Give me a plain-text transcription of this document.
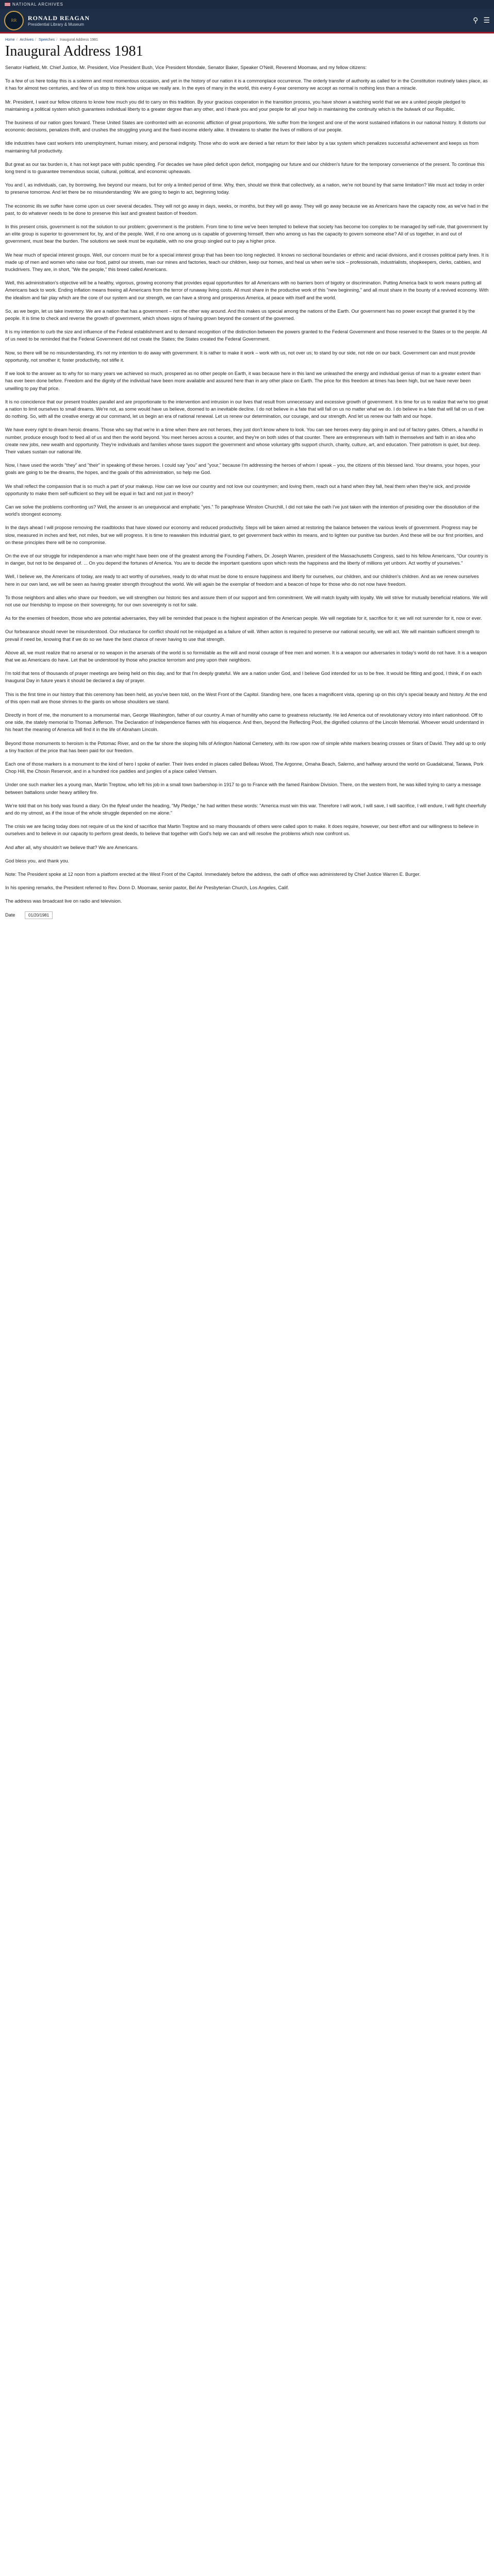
NATIONAL ARCHIVES
RR	RONALD REAGAN
Presidential Library & Museum	⚲ ☰
Home / Archives / Speeches / Inaugural Address 1981
Inaugural Address 1981

Senator Hatfield, Mr. Chief Justice, Mr. President, Vice President Bush, Vice President Mondale, Senator Baker, Speaker O'Neill, Reverend Moomaw, and my fellow citizens:

To a few of us here today this is a solemn and most momentous occasion, and yet in the history of our nation it is a commonplace occurrence. The orderly transfer of authority as called for in the Constitution routinely takes place, as it has for almost two centuries, and few of us stop to think how unique we really are. In the eyes of many in the world, this every 4-year ceremony we accept as normal is nothing less than a miracle.

Mr. President, I want our fellow citizens to know how much you did to carry on this tradition. By your gracious cooperation in the transition process, you have shown a watching world that we are a united people pledged to maintaining a political system which guarantees individual liberty to a greater degree than any other, and I thank you and your people for all your help in maintaining the continuity which is the bulwark of our Republic.

The business of our nation goes forward. These United States are confronted with an economic affliction of great proportions. We suffer from the longest and one of the worst sustained inflations in our national history. It distorts our economic decisions, penalizes thrift, and crushes the struggling young and the fixed-income elderly alike. It threatens to shatter the lives of millions of our people.

Idle industries have cast workers into unemployment, human misery, and personal indignity. Those who do work are denied a fair return for their labor by a tax system which penalizes successful achievement and keeps us from maintaining full productivity.

But great as our tax burden is, it has not kept pace with public spending. For decades we have piled deficit upon deficit, mortgaging our future and our children's future for the temporary convenience of the present. To continue this long trend is to guarantee tremendous social, cultural, political, and economic upheavals.

You and I, as individuals, can, by borrowing, live beyond our means, but for only a limited period of time. Why, then, should we think that collectively, as a nation, we're not bound by that same limitation? We must act today in order to preserve tomorrow. And let there be no misunderstanding: We are going to begin to act, beginning today.

The economic ills we suffer have come upon us over several decades. They will not go away in days, weeks, or months, but they will go away. They will go away because we as Americans have the capacity now, as we've had in the past, to do whatever needs to be done to preserve this last and greatest bastion of freedom.

In this present crisis, government is not the solution to our problem; government is the problem. From time to time we've been tempted to believe that society has become too complex to be managed by self-rule, that government by an elite group is superior to government for, by, and of the people. Well, if no one among us is capable of governing himself, then who among us has the capacity to govern someone else? All of us together, in and out of government, must bear the burden. The solutions we seek must be equitable, with no one group singled out to pay a higher price.

We hear much of special interest groups. Well, our concern must be for a special interest group that has been too long neglected. It knows no sectional boundaries or ethnic and racial divisions, and it crosses political party lines. It is made up of men and women who raise our food, patrol our streets, man our mines and factories, teach our children, keep our homes, and heal us when we're sick – professionals, industrialists, shopkeepers, clerks, cabbies, and truckdrivers. They are, in short, "We the people," this breed called Americans.

Well, this administration's objective will be a healthy, vigorous, growing economy that provides equal opportunities for all Americans with no barriers born of bigotry or discrimination. Putting America back to work means putting all Americans back to work. Ending inflation means freeing all Americans from the terror of runaway living costs. All must share in the productive work of this "new beginning," and all must share in the bounty of a revived economy. With the idealism and fair play which are the core of our system and our strength, we can have a strong and prosperous America, at peace with itself and the world.

So, as we begin, let us take inventory. We are a nation that has a government – not the other way around. And this makes us special among the nations of the Earth. Our government has no power except that granted it by the people. It is time to check and reverse the growth of government, which shows signs of having grown beyond the consent of the governed.

It is my intention to curb the size and influence of the Federal establishment and to demand recognition of the distinction between the powers granted to the Federal Government and those reserved to the States or to the people. All of us need to be reminded that the Federal Government did not create the States; the States created the Federal Government.

Now, so there will be no misunderstanding, it's not my intention to do away with government. It is rather to make it work – work with us, not over us; to stand by our side, not ride on our back. Government can and must provide opportunity, not smother it; foster productivity, not stifle it.

If we look to the answer as to why for so many years we achieved so much, prospered as no other people on Earth, it was because here in this land we unleashed the energy and individual genius of man to a greater extent than has ever been done before. Freedom and the dignity of the individual have been more available and assured here than in any other place on Earth. The price for this freedom at times has been high, but we have never been unwilling to pay that price.

It is no coincidence that our present troubles parallel and are proportionate to the intervention and intrusion in our lives that result from unnecessary and excessive growth of government. It is time for us to realize that we're too great a nation to limit ourselves to small dreams. We're not, as some would have us believe, doomed to an inevitable decline. I do not believe in a fate that will fall on us no matter what we do. I do believe in a fate that will fall on us if we do nothing. So, with all the creative energy at our command, let us begin an era of national renewal. Let us renew our determination, our courage, and our strength. And let us renew our faith and our hope.

We have every right to dream heroic dreams. Those who say that we're in a time when there are not heroes, they just don't know where to look. You can see heroes every day going in and out of factory gates. Others, a handful in number, produce enough food to feed all of us and then the world beyond. You meet heroes across a counter, and they're on both sides of that counter. There are entrepreneurs with faith in themselves and faith in an idea who create new jobs, new wealth and opportunity. They're individuals and families whose taxes support the government and whose voluntary gifts support church, charity, culture, art, and education. Their patriotism is quiet, but deep. Their values sustain our national life.

Now, I have used the words "they" and "their" in speaking of these heroes. I could say "you" and "your," because I'm addressing the heroes of whom I speak – you, the citizens of this blessed land. Your dreams, your hopes, your goals are going to be the dreams, the hopes, and the goals of this administration, so help me God.

We shall reflect the compassion that is so much a part of your makeup. How can we love our country and not love our countrymen; and loving them, reach out a hand when they fall, heal them when they're sick, and provide opportunity to make them self-sufficient so they will be equal in fact and not just in theory?

Can we solve the problems confronting us? Well, the answer is an unequivocal and emphatic "yes." To paraphrase Winston Churchill, I did not take the oath I've just taken with the intention of presiding over the dissolution of the world's strongest economy.

In the days ahead I will propose removing the roadblocks that have slowed our economy and reduced productivity. Steps will be taken aimed at restoring the balance between the various levels of government. Progress may be slow, measured in inches and feet, not miles, but we will progress. It is time to reawaken this industrial giant, to get government back within its means, and to lighten our punitive tax burden. And these will be our first priorities, and on these principles there will be no compromise.

On the eve of our struggle for independence a man who might have been one of the greatest among the Founding Fathers, Dr. Joseph Warren, president of the Massachusetts Congress, said to his fellow Americans, "Our country is in danger, but not to be despaired of. ... On you depend the fortunes of America. You are to decide the important questions upon which rests the happiness and the liberty of millions yet unborn. Act worthy of yourselves."

Well, I believe we, the Americans of today, are ready to act worthy of ourselves, ready to do what must be done to ensure happiness and liberty for ourselves, our children, and our children's children. And as we renew ourselves here in our own land, we will be seen as having greater strength throughout the world. We will again be the exemplar of freedom and a beacon of hope for those who do not now have freedom.

To those neighbors and allies who share our freedom, we will strengthen our historic ties and assure them of our support and firm commitment. We will match loyalty with loyalty. We will strive for mutually beneficial relations. We will not use our friendship to impose on their sovereignty, for our own sovereignty is not for sale.

As for the enemies of freedom, those who are potential adversaries, they will be reminded that peace is the highest aspiration of the American people. We will negotiate for it, sacrifice for it; we will not surrender for it, now or ever.

Our forbearance should never be misunderstood. Our reluctance for conflict should not be misjudged as a failure of will. When action is required to preserve our national security, we will act. We will maintain sufficient strength to prevail if need be, knowing that if we do so we have the best chance of never having to use that strength.

Above all, we must realize that no arsenal or no weapon in the arsenals of the world is so formidable as the will and moral courage of free men and women. It is a weapon our adversaries in today's world do not have. It is a weapon that we as Americans do have. Let that be understood by those who practice terrorism and prey upon their neighbors.

I'm told that tens of thousands of prayer meetings are being held on this day, and for that I'm deeply grateful. We are a nation under God, and I believe God intended for us to be free. It would be fitting and good, I think, if on each Inaugural Day in future years it should be declared a day of prayer.

This is the first time in our history that this ceremony has been held, as you've been told, on the West Front of the Capitol. Standing here, one faces a magnificent vista, opening up on this city's special beauty and history. At the end of this open mall are those shrines to the giants on whose shoulders we stand.

Directly in front of me, the monument to a monumental man, George Washington, father of our country. A man of humility who came to greatness reluctantly. He led America out of revolutionary victory into infant nationhood. Off to one side, the stately memorial to Thomas Jefferson. The Declaration of Independence flames with his eloquence. And then, beyond the Reflecting Pool, the dignified columns of the Lincoln Memorial. Whoever would understand in his heart the meaning of America will find it in the life of Abraham Lincoln.

Beyond those monuments to heroism is the Potomac River, and on the far shore the sloping hills of Arlington National Cemetery, with its row upon row of simple white markers bearing crosses or Stars of David. They add up to only a tiny fraction of the price that has been paid for our freedom.

Each one of those markers is a monument to the kind of hero I spoke of earlier. Their lives ended in places called Belleau Wood, The Argonne, Omaha Beach, Salerno, and halfway around the world on Guadalcanal, Tarawa, Pork Chop Hill, the Chosin Reservoir, and in a hundred rice paddies and jungles of a place called Vietnam.

Under one such marker lies a young man, Martin Treptow, who left his job in a small town barbershop in 1917 to go to France with the famed Rainbow Division. There, on the western front, he was killed trying to carry a message between battalions under heavy artillery fire.

We're told that on his body was found a diary. On the flyleaf under the heading, "My Pledge," he had written these words: "America must win this war. Therefore I will work, I will save, I will sacrifice, I will endure, I will fight cheerfully and do my utmost, as if the issue of the whole struggle depended on me alone."

The crisis we are facing today does not require of us the kind of sacrifice that Martin Treptow and so many thousands of others were called upon to make. It does require, however, our best effort and our willingness to believe in ourselves and to believe in our capacity to perform great deeds, to believe that together with God's help we can and will resolve the problems which now confront us.

And after all, why shouldn't we believe that? We are Americans.

God bless you, and thank you.

Note: The President spoke at 12 noon from a platform erected at the West Front of the Capitol. Immediately before the address, the oath of office was administered by Chief Justice Warren E. Burger.

In his opening remarks, the President referred to Rev. Donn D. Moomaw, senior pastor, Bel Air Presbyterian Church, Los Angeles, Calif.

The address was broadcast live on radio and television.

Date	01/20/1981
